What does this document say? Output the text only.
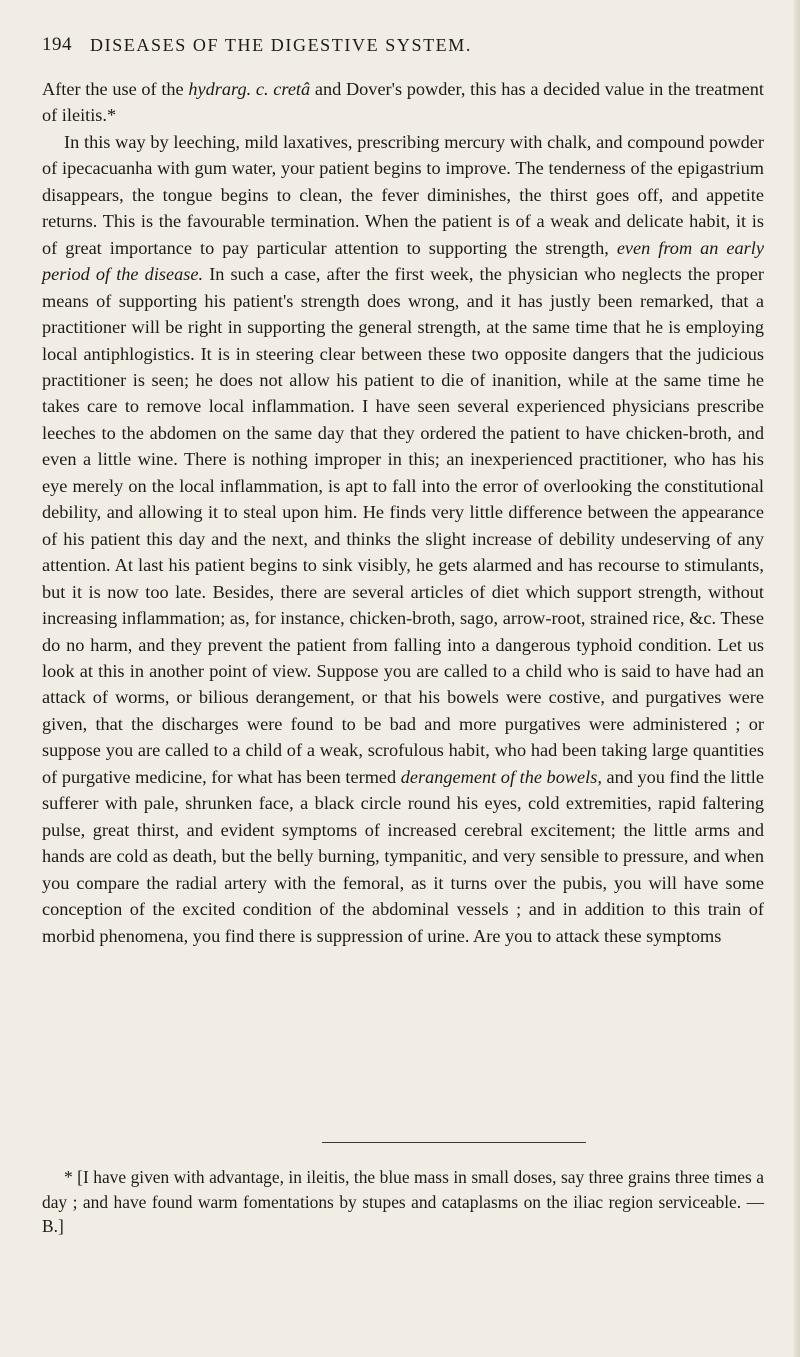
194 DISEASES OF THE DIGESTIVE SYSTEM.

After the use of the hydrarg. c. cretâ and Dover's powder, this has a decided value in the treatment of ileitis.*

In this way by leeching, mild laxatives, prescribing mercury with chalk, and compound powder of ipecacuanha with gum water, your patient begins to improve. The tenderness of the epigastrium disappears, the tongue begins to clean, the fever diminishes, the thirst goes off, and appetite returns. This is the favourable termination. When the patient is of a weak and delicate habit, it is of great importance to pay particular attention to supporting the strength, even from an early period of the disease. In such a case, after the first week, the physician who neglects the proper means of supporting his patient's strength does wrong, and it has justly been remarked, that a practitioner will be right in supporting the general strength, at the same time that he is employing local antiphlogistics. It is in steering clear between these two opposite dangers that the judicious practitioner is seen; he does not allow his patient to die of inanition, while at the same time he takes care to remove local inflammation. I have seen several experienced physicians prescribe leeches to the abdomen on the same day that they ordered the patient to have chicken-broth, and even a little wine. There is nothing improper in this; an inexperienced practitioner, who has his eye merely on the local inflammation, is apt to fall into the error of overlooking the constitutional debility, and allowing it to steal upon him. He finds very little difference between the appearance of his patient this day and the next, and thinks the slight increase of debility undeserving of any attention. At last his patient begins to sink visibly, he gets alarmed and has recourse to stimulants, but it is now too late. Besides, there are several articles of diet which support strength, without increasing inflammation; as, for instance, chicken-broth, sago, arrow-root, strained rice, &c. These do no harm, and they prevent the patient from falling into a dangerous typhoid condition. Let us look at this in another point of view. Suppose you are called to a child who is said to have had an attack of worms, or bilious derangement, or that his bowels were costive, and purgatives were given, that the discharges were found to be bad and more purgatives were administered ; or suppose you are called to a child of a weak, scrofulous habit, who had been taking large quantities of purgative medicine, for what has been termed derangement of the bowels, and you find the little sufferer with pale, shrunken face, a black circle round his eyes, cold extremities, rapid faltering pulse, great thirst, and evident symptoms of increased cerebral excitement; the little arms and hands are cold as death, but the belly burning, tympanitic, and very sensible to pressure, and when you compare the radial artery with the femoral, as it turns over the pubis, you will have some conception of the excited condition of the abdominal vessels ; and in addition to this train of morbid phenomena, you find there is suppression of urine. Are you to attack these symptoms

* [I have given with advantage, in ileitis, the blue mass in small doses, say three grains three times a day ; and have found warm fomentations by stupes and cataplasms on the iliac region serviceable. — B.]
